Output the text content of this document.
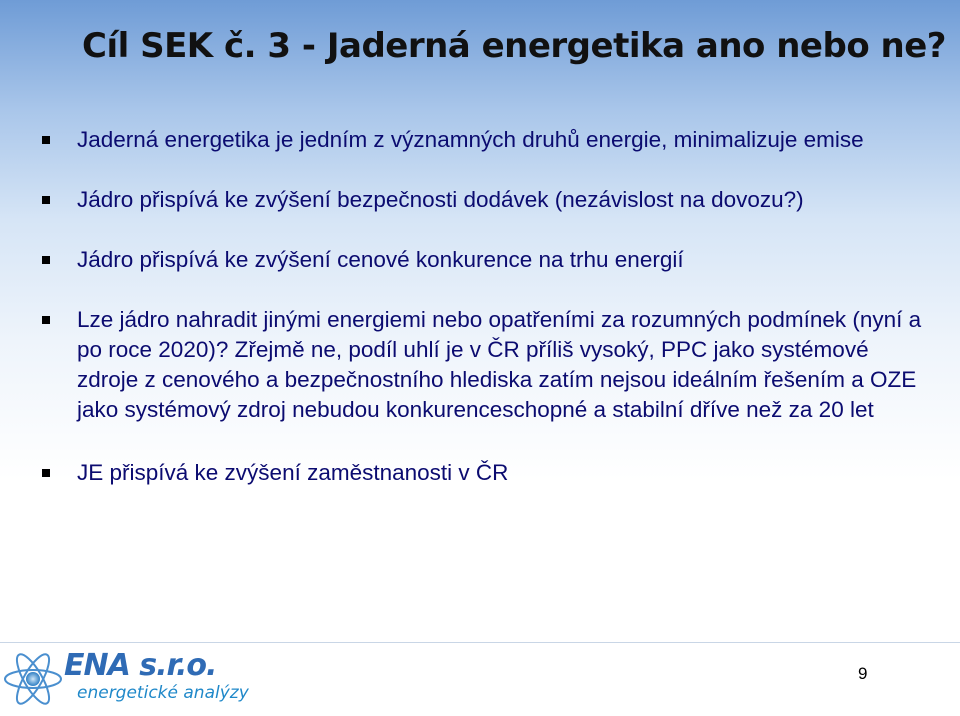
Cíl SEK č. 3 - Jaderná energetika ano nebo ne?
Jaderná energetika je jedním z významných druhů energie, minimalizuje emise
Jádro přispívá ke zvýšení bezpečnosti dodávek (nezávislost na dovozu?)
Jádro přispívá ke zvýšení cenové konkurence na trhu energií
Lze jádro nahradit jinými energiemi nebo opatřeními za rozumných podmínek (nyní a po roce 2020)? Zřejmě ne, podíl uhlí je v ČR příliš vysoký, PPC jako systémové zdroje z cenového a bezpečnostního hlediska zatím nejsou ideálním řešením a OZE jako systémový zdroj nebudou konkurenceschopné a stabilní dříve než za 20 let
JE přispívá ke zvýšení zaměstnanosti v ČR
ENA s.r.o.
energetické analýzy
9
